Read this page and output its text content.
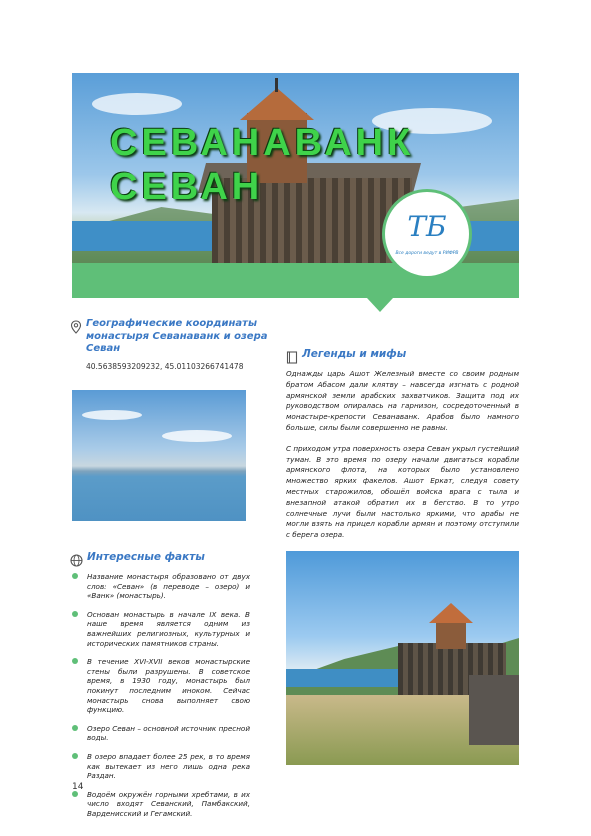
СЕВАНАВАНК
СЕВАН
ТБ
Все дороги ведут в РИФРВ
Географические координаты монастыря Севанаванк и озера Севан
40.5638593209232, 45.01103266741478
Легенды и мифы

Однажды царь Ашот Железный вместе со своим родным братом Абасом дали клятву – навсегда изгнать с родной армянской земли арабских захватчиков. Защита под их руководством опиралась на гарнизон, сосредоточенный в монастыре-крепости Севанаванк. Арабов было намного больше, силы были совершенно не равны.

С приходом утра поверхность озера Севан укрыл густейший туман. В это время по озеру начали двигаться корабли армянского флота, на которых было установлено множество ярких факелов. Ашот Еркат, следуя совету местных старожилов, обошёл войска врага с тыла и внезапной атакой обратил их в бегство. В то утро солнечные лучи были настолько яркими, что арабы не могли взять на прицел корабли армян и поэтому отступили с берега озера.

Интересные факты
Название монастыря образовано от двух слов: «Севан» (в переводе – озеро) и «Ванк» (монастырь).
Основан монастырь в начале IX века. В наше время является одним из важнейших религиозных, культурных и исторических памятников страны.
В течение XVI-XVII веков монастырские стены были разрушены. В советское время, в 1930 году, монастырь был покинут последним иноком. Сейчас монастырь снова выполняет свою функцию.
Озеро Севан – основной источник пресной воды.
В озеро впадает более 25 рек, в то время как вытекает из него лишь одна река Раздан.
Водоём окружён горными хребтами, в их число входят Севанский, Памбакский, Варденисский и Гегамский.
14
